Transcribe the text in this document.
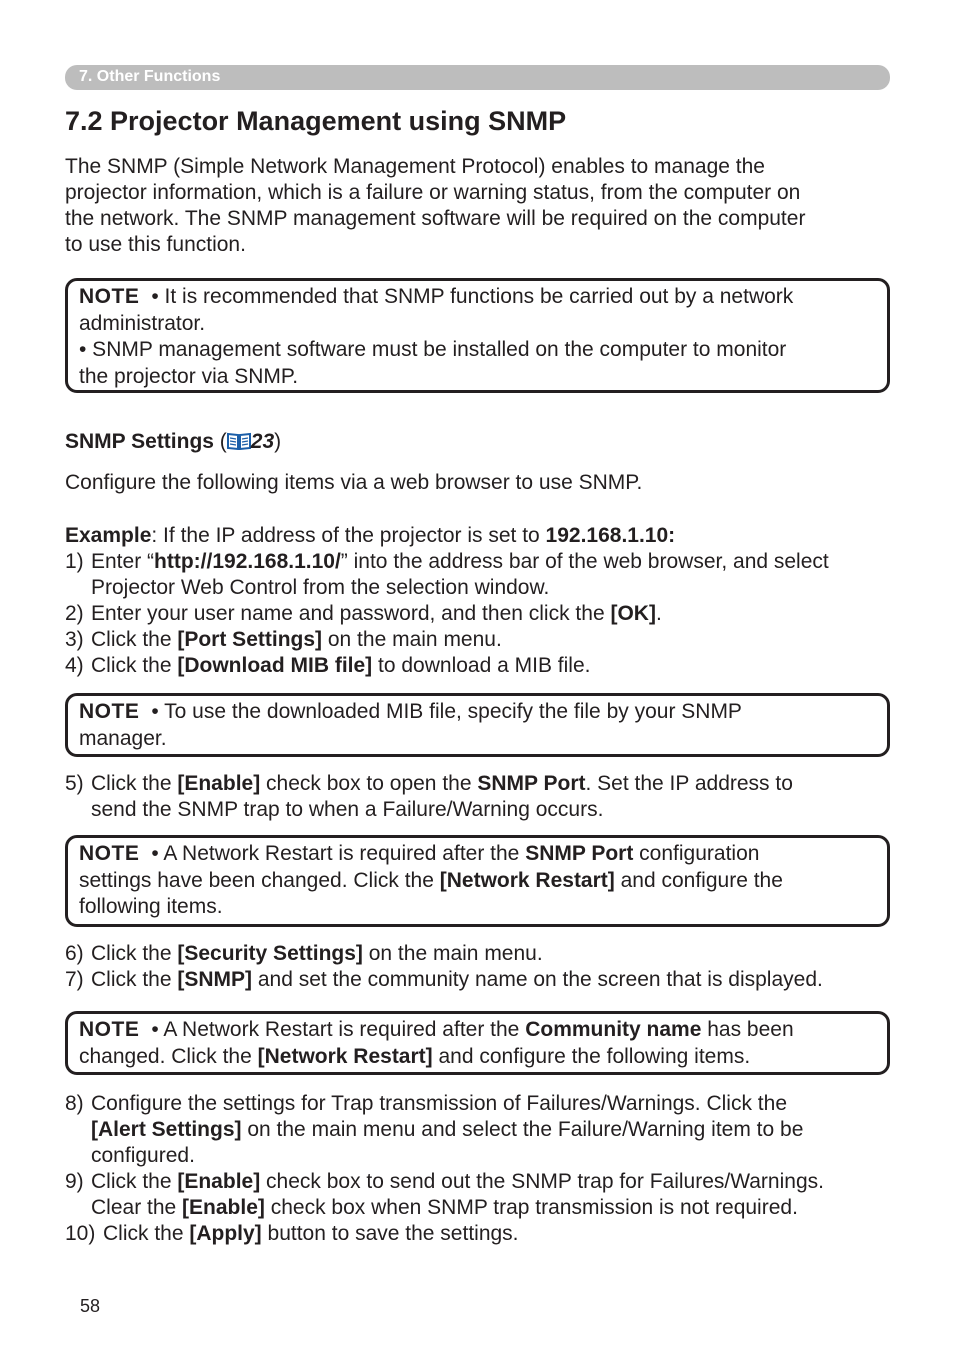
7. Other Functions
7.2 Projector Management using SNMP
The SNMP (Simple Network Management Protocol) enables to manage the
projector information, which is a failure or warning status, from the computer on
the network. The SNMP management software will be required on the computer
to use this function.
NOTE • It is recommended that SNMP functions be carried out by a network
administrator.
• SNMP management software must be installed on the computer to monitor
the projector via SNMP.
SNMP Settings ( 23)
Configure the following items via a web browser to use SNMP.
Example: If the IP address of the projector is set to 192.168.1.10:
1) Enter “http://192.168.1.10/” into the address bar of the web browser, and select
Projector Web Control from the selection window.
2) Enter your user name and password, and then click the [OK].
3) Click the [Port Settings] on the main menu.
4) Click the [Download MIB file] to download a MIB file.
NOTE • To use the downloaded MIB file, specify the file by your SNMP
manager.
5) Click the [Enable] check box to open the SNMP Port. Set the IP address to
send the SNMP trap to when a Failure/Warning occurs.
NOTE • A Network Restart is required after the SNMP Port configuration
settings have been changed. Click the [Network Restart] and configure the
following items.
6) Click the [Security Settings] on the main menu.
7) Click the [SNMP] and set the community name on the screen that is displayed.
NOTE • A Network Restart is required after the Community name has been
changed. Click the [Network Restart] and configure the following items.
8) Configure the settings for Trap transmission of Failures/Warnings. Click the
[Alert Settings] on the main menu and select the Failure/Warning item to be
configured.
9) Click the [Enable] check box to send out the SNMP trap for Failures/Warnings.
Clear the [Enable] check box when SNMP trap transmission is not required.
10) Click the [Apply] button to save the settings.
58
